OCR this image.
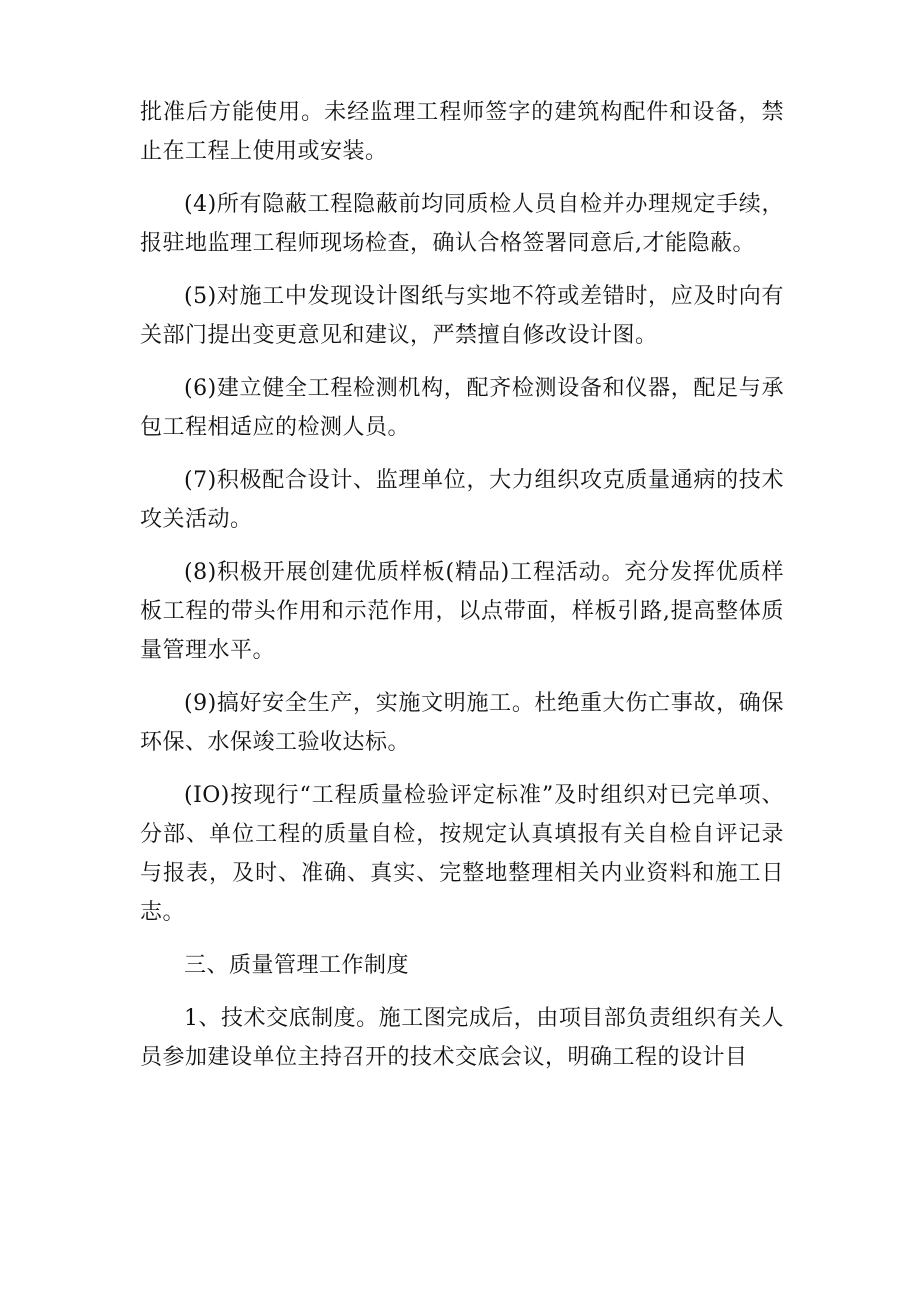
批准后方能使用。未经监理工程师签字的建筑构配件和设备，禁止在工程上使用或安装。

(4)所有隐蔽工程隐蔽前均同质检人员自检并办理规定手续，报驻地监理工程师现场检查，确认合格签署同意后,才能隐蔽。

(5)对施工中发现设计图纸与实地不符或差错时，应及时向有关部门提出变更意见和建议，严禁擅自修改设计图。

(6)建立健全工程检测机构，配齐检测设备和仪器，配足与承包工程相适应的检测人员。

(7)积极配合设计、监理单位，大力组织攻克质量通病的技术攻关活动。

(8)积极开展创建优质样板(精品)工程活动。充分发挥优质样板工程的带头作用和示范作用，以点带面，样板引路,提高整体质量管理水平。

(9)搞好安全生产，实施文明施工。杜绝重大伤亡事故，确保环保、水保竣工验收达标。

(IO)按现行“工程质量检验评定标准”及时组织对已完单项、分部、单位工程的质量自检，按规定认真填报有关自检自评记录与报表，及时、准确、真实、完整地整理相关内业资料和施工日志。

三、质量管理工作制度

1、技术交底制度。施工图完成后，由项目部负责组织有关人员参加建设单位主持召开的技术交底会议，明确工程的设计目
